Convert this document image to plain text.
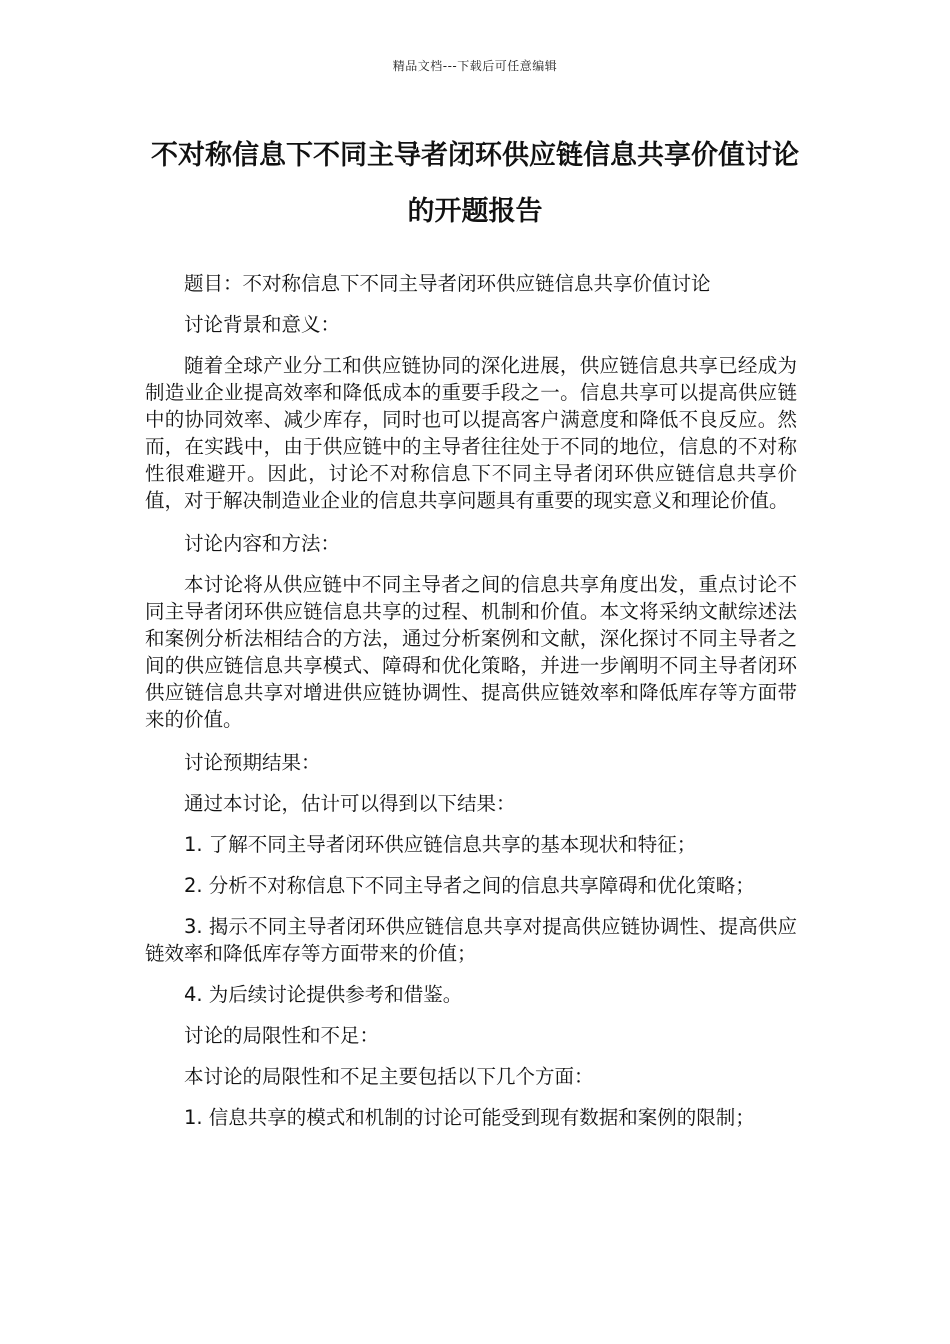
精品文档---下载后可任意编辑
不对称信息下不同主导者闭环供应链信息共享价值讨论的开题报告

题目：不对称信息下不同主导者闭环供应链信息共享价值讨论

讨论背景和意义：

随着全球产业分工和供应链协同的深化进展，供应链信息共享已经成为制造业企业提高效率和降低成本的重要手段之一。信息共享可以提高供应链中的协同效率、减少库存，同时也可以提高客户满意度和降低不良反应。然而，在实践中，由于供应链中的主导者往往处于不同的地位，信息的不对称性很难避开。因此，讨论不对称信息下不同主导者闭环供应链信息共享价值，对于解决制造业企业的信息共享问题具有重要的现实意义和理论价值。

讨论内容和方法：

本讨论将从供应链中不同主导者之间的信息共享角度出发，重点讨论不同主导者闭环供应链信息共享的过程、机制和价值。本文将采纳文献综述法和案例分析法相结合的方法，通过分析案例和文献，深化探讨不同主导者之间的供应链信息共享模式、障碍和优化策略，并进一步阐明不同主导者闭环供应链信息共享对增进供应链协调性、提高供应链效率和降低库存等方面带来的价值。

讨论预期结果：

通过本讨论，估计可以得到以下结果：

1. 了解不同主导者闭环供应链信息共享的基本现状和特征；

2. 分析不对称信息下不同主导者之间的信息共享障碍和优化策略；

3. 揭示不同主导者闭环供应链信息共享对提高供应链协调性、提高供应链效率和降低库存等方面带来的价值；

4. 为后续讨论提供参考和借鉴。

讨论的局限性和不足：

本讨论的局限性和不足主要包括以下几个方面：

1. 信息共享的模式和机制的讨论可能受到现有数据和案例的限制；
